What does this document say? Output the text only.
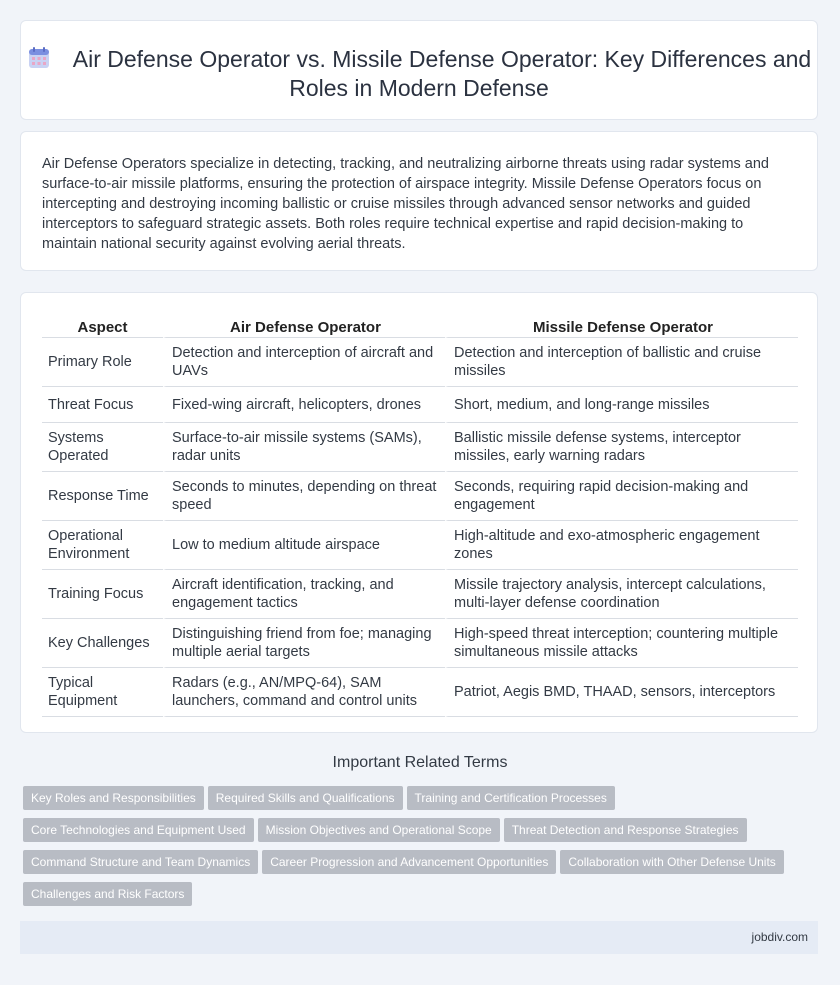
Air Defense Operator vs. Missile Defense Operator: Key Differences and Roles in Modern Defense
Air Defense Operators specialize in detecting, tracking, and neutralizing airborne threats using radar systems and surface-to-air missile platforms, ensuring the protection of airspace integrity. Missile Defense Operators focus on intercepting and destroying incoming ballistic or cruise missiles through advanced sensor networks and guided interceptors to safeguard strategic assets. Both roles require technical expertise and rapid decision-making to maintain national security against evolving aerial threats.
Aspect	Air Defense Operator	Missile Defense Operator
Primary Role	Detection and interception of aircraft and UAVs	Detection and interception of ballistic and cruise missiles
Threat Focus	Fixed-wing aircraft, helicopters, drones	Short, medium, and long-range missiles
Systems Operated	Surface-to-air missile systems (SAMs), radar units	Ballistic missile defense systems, interceptor missiles, early warning radars
Response Time	Seconds to minutes, depending on threat speed	Seconds, requiring rapid decision-making and engagement
Operational Environment	Low to medium altitude airspace	High-altitude and exo-atmospheric engagement zones
Training Focus	Aircraft identification, tracking, and engagement tactics	Missile trajectory analysis, intercept calculations, multi-layer defense coordination
Key Challenges	Distinguishing friend from foe; managing multiple aerial targets	High-speed threat interception; countering multiple simultaneous missile attacks
Typical Equipment	Radars (e.g., AN/MPQ-64), SAM launchers, command and control units	Patriot, Aegis BMD, THAAD, sensors, interceptors
Important Related Terms
Key Roles and Responsibilities Required Skills and Qualifications Training and Certification Processes
Core Technologies and Equipment Used Mission Objectives and Operational Scope Threat Detection and Response Strategies
Command Structure and Team Dynamics Career Progression and Advancement Opportunities Collaboration with Other Defense Units
Challenges and Risk Factors
jobdiv.com
